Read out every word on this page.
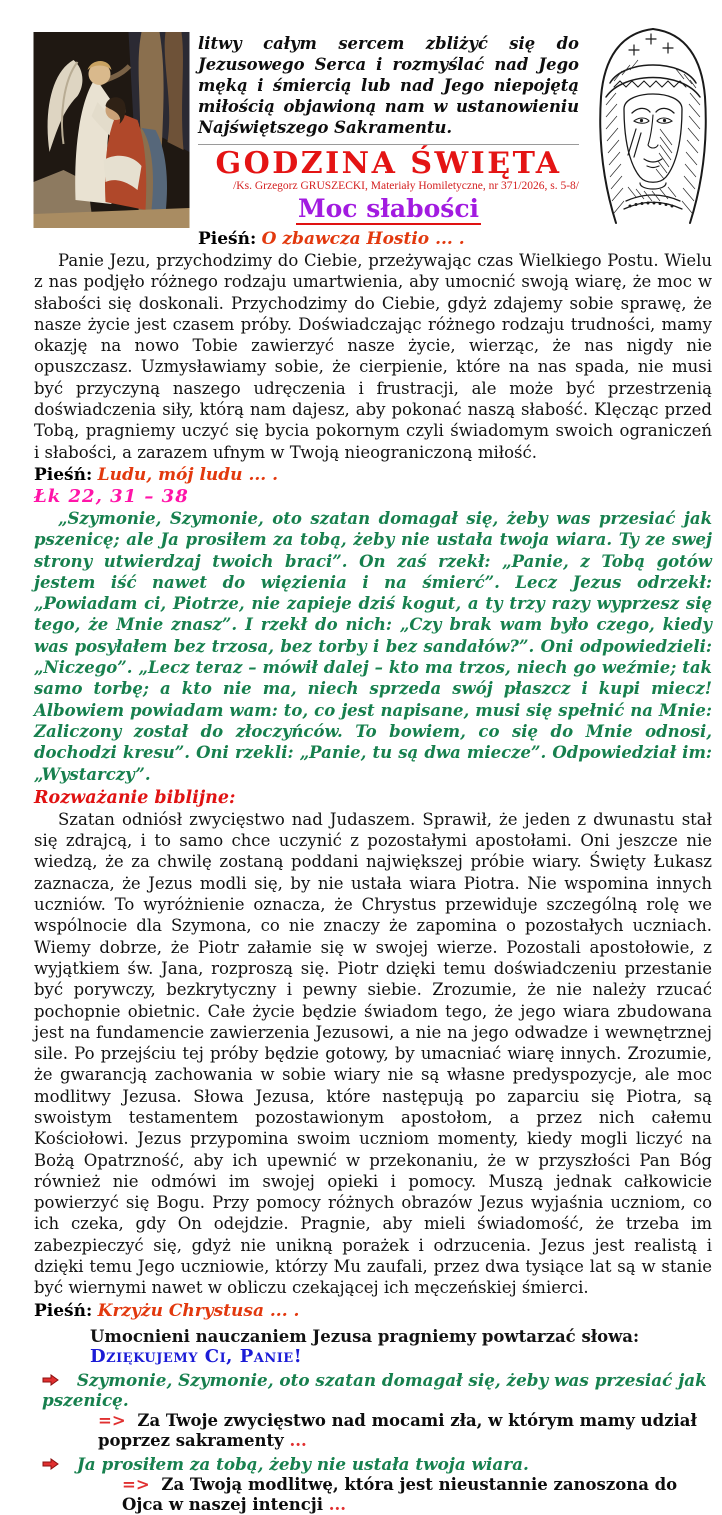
litwy całym sercem zbliżyć się do Jezusowego Serca i rozmyślać nad Jego męką i śmiercią lub nad Jego niepojętą miłością objawioną nam w ustanowieniu Najświętszego Sakramentu.

GODZINA ŚWIĘTA
/Ks. Grzegorz GRUSZECKI, Materiały Homiletyczne, nr 371/2026, s. 5-8/
Moc słabości

Pieśń: O zbawcza Hostio ... .

Panie Jezu, przychodzimy do Ciebie, przeżywając czas Wielkiego Postu. Wielu z nas podjęło różnego rodzaju umartwienia, aby umocnić swoją wiarę, że moc w słabości się doskonali. Przychodzimy do Ciebie, gdyż zdajemy sobie sprawę, że nasze życie jest czasem próby. Doświadczając różnego rodzaju trudności, mamy okazję na nowo Tobie zawierzyć nasze życie, wierząc, że nas nigdy nie opuszczasz. Uzmysławiamy sobie, że cierpienie, które na nas spada, nie musi być przyczyną naszego udręczenia i frustracji, ale może być przestrzenią doświadczenia siły, którą nam dajesz, aby pokonać naszą słabość. Klęcząc przed Tobą, pragniemy uczyć się bycia pokornym czyli świadomym swoich ograniczeń i słabości, a zarazem ufnym w Twoją nieograniczoną miłość.

Pieśń: Ludu, mój ludu ... .

Łk 22, 31 – 38

„Szymonie, Szymonie, oto szatan domagał się, żeby was przesiać jak pszenicę; ale Ja prosiłem za tobą, żeby nie ustała twoja wiara. Ty ze swej strony utwierdzaj twoich braci”. On zaś rzekł: „Panie, z Tobą gotów jestem iść nawet do więzienia i na śmierć”. Lecz Jezus odrzekł: „Powiadam ci, Piotrze, nie zapieje dziś kogut, a ty trzy razy wyprzesz się tego, że Mnie znasz”. I rzekł do nich: „Czy brak wam było czego, kiedy was posyłałem bez trzosa, bez torby i bez sandałów?”. Oni odpowiedzieli: „Niczego”. „Lecz teraz – mówił dalej – kto ma trzos, niech go weźmie; tak samo torbę; a kto nie ma, niech sprzeda swój płaszcz i kupi miecz! Albowiem powiadam wam: to, co jest napisane, musi się spełnić na Mnie: Zaliczony został do złoczyńców. To bowiem, co się do Mnie odnosi, dochodzi kresu”. Oni rzekli: „Panie, tu są dwa miecze”. Odpowiedział im: „Wystarczy”.

Rozważanie biblijne:

Szatan odniósł zwycięstwo nad Judaszem. Sprawił, że jeden z dwunastu stał się zdrajcą, i to samo chce uczynić z pozostałymi apostołami. Oni jeszcze nie wiedzą, że za chwilę zostaną poddani największej próbie wiary. Święty Łukasz zaznacza, że Jezus modli się, by nie ustała wiara Piotra. Nie wspomina innych uczniów. To wyróżnienie oznacza, że Chrystus przewiduje szczególną rolę we wspólnocie dla Szymona, co nie znaczy że zapomina o pozostałych uczniach. Wiemy dobrze, że Piotr załamie się w swojej wierze. Pozostali apostołowie, z wyjątkiem św. Jana, rozproszą się. Piotr dzięki temu doświadczeniu przestanie być porywczy, bezkrytyczny i pewny siebie. Zrozumie, że nie należy rzucać pochopnie obietnic. Całe życie będzie świadom tego, że jego wiara zbudowana jest na fundamencie zawierzenia Jezusowi, a nie na jego odwadze i wewnętrznej sile. Po przejściu tej próby będzie gotowy, by umacniać wiarę innych. Zrozumie, że gwarancją zachowania w sobie wiary nie są własne predyspozycje, ale moc modlitwy Jezusa. Słowa Jezusa, które następują po zaparciu się Piotra, są swoistym testamentem pozostawionym apostołom, a przez nich całemu Kościołowi. Jezus przypomina swoim uczniom momenty, kiedy mogli liczyć na Bożą Opatrzność, aby ich upewnić w przekonaniu, że w przyszłości Pan Bóg również nie odmówi im swojej opieki i pomocy. Muszą jednak całkowicie powierzyć się Bogu. Przy pomocy różnych obrazów Jezus wyjaśnia uczniom, co ich czeka, gdy On odejdzie. Pragnie, aby mieli świadomość, że trzeba im zabezpieczyć się, gdyż nie unikną porażek i odrzucenia. Jezus jest realistą i dzięki temu Jego uczniowie, którzy Mu zaufali, przez dwa tysiące lat są w stanie być wiernymi nawet w obliczu czekającej ich męczeńskiej śmierci.

Pieśń: Krzyżu Chrystusa ... .

Umocnieni nauczaniem Jezusa pragniemy powtarzać słowa: Dziękujemy Ci, Panie!

Szymonie, Szymonie, oto szatan domagał się, żeby was przesiać jak pszenicę.

=> Za Twoje zwycięstwo nad mocami zła, w którym mamy udział poprzez sakramenty ...

Ja prosiłem za tobą, żeby nie ustała twoja wiara.

=> Za Twoją modlitwę, która jest nieustannie zanoszona do Ojca w naszej intencji ...
